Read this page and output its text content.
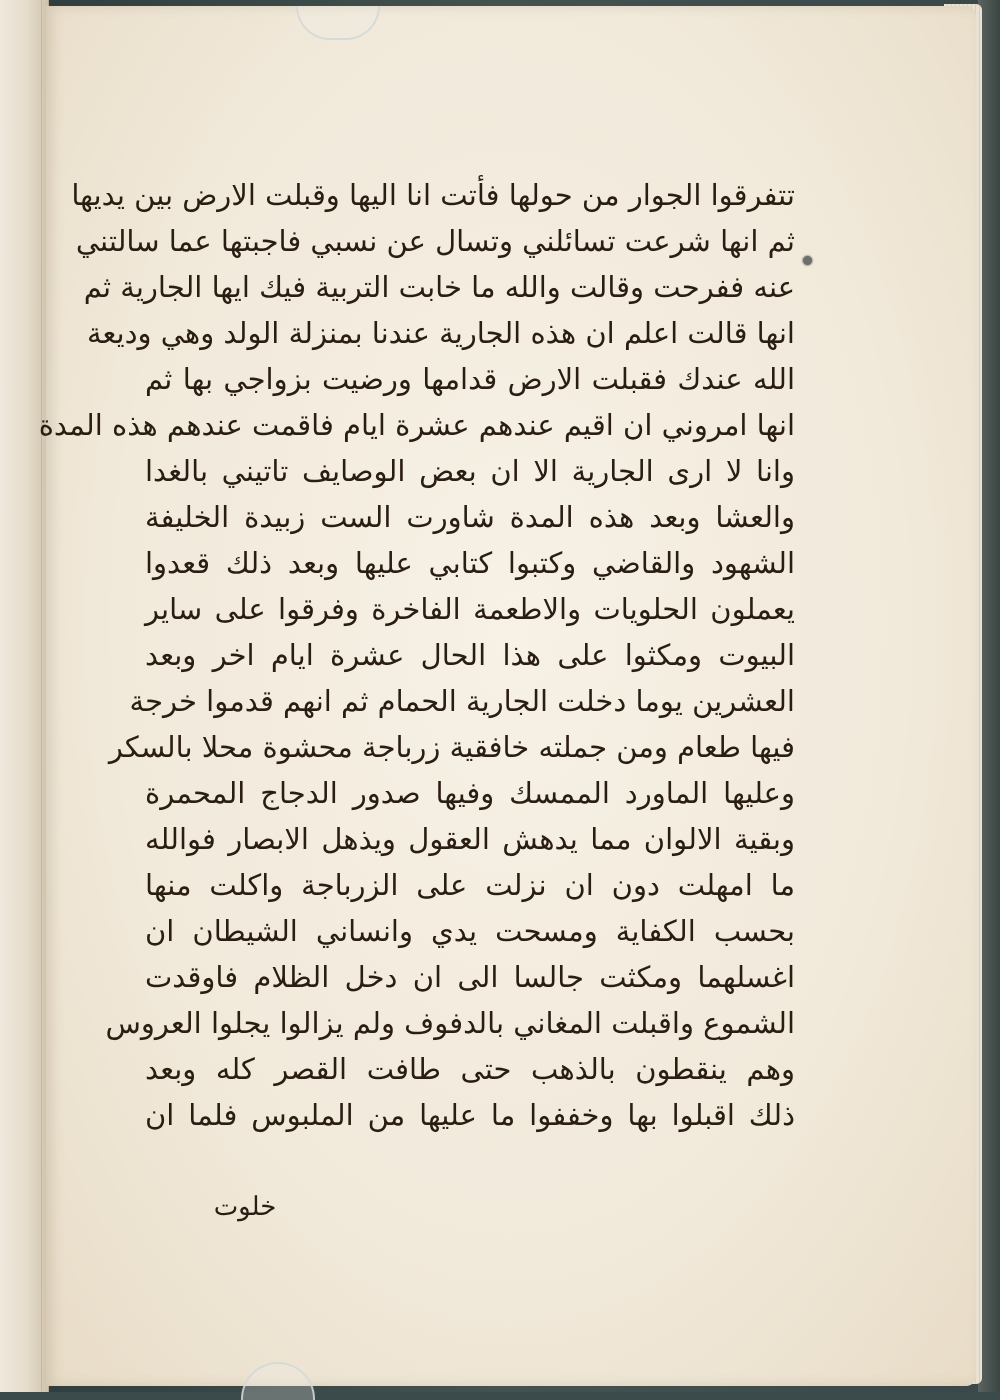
تتفرقوا الجوار من حولها فأتت انا اليها وقبلت الارض بين يديها
ثم انها شرعت تسائلني وتسال عن نسبي فاجبتها عما سالتني
عنه ففرحت وقالت والله ما خابت التربية فيك ايها الجارية ثم
انها قالت اعلم ان هذه الجارية عندنا بمنزلة الولد وهي وديعة
الله عندك فقبلت الارض قدامها ورضيت بزواجي بها ثم
انها امروني ان اقيم عندهم عشرة ايام فاقمت عندهم هذه المدة
وانا لا ارى الجارية الا ان بعض الوصايف تاتيني بالغدا
والعشا وبعد هذه المدة شاورت الست زبيدة الخليفة
الشهود والقاضي وكتبوا كتابي عليها وبعد ذلك قعدوا
يعملون الحلويات والاطعمة الفاخرة وفرقوا على ساير
البيوت ومكثوا على هذا الحال عشرة ايام اخر وبعد
العشرين يوما دخلت الجارية الحمام ثم انهم قدموا خرجة
فيها طعام ومن جملته خافقية زرباجة محشوة محلا بالسكر
وعليها الماورد الممسك وفيها صدور الدجاج المحمرة
وبقية الالوان مما يدهش العقول ويذهل الابصار فوالله
ما امهلت دون ان نزلت على الزرباجة واكلت منها
بحسب الكفاية ومسحت يدي وانساني الشيطان ان
اغسلهما ومكثت جالسا الى ان دخل الظلام فاوقدت
الشموع واقبلت المغاني بالدفوف ولم يزالوا يجلوا العروس
وهم ينقطون بالذهب حتى طافت القصر كله وبعد
ذلك اقبلوا بها وخففوا ما عليها من الملبوس فلما ان
خلوت
